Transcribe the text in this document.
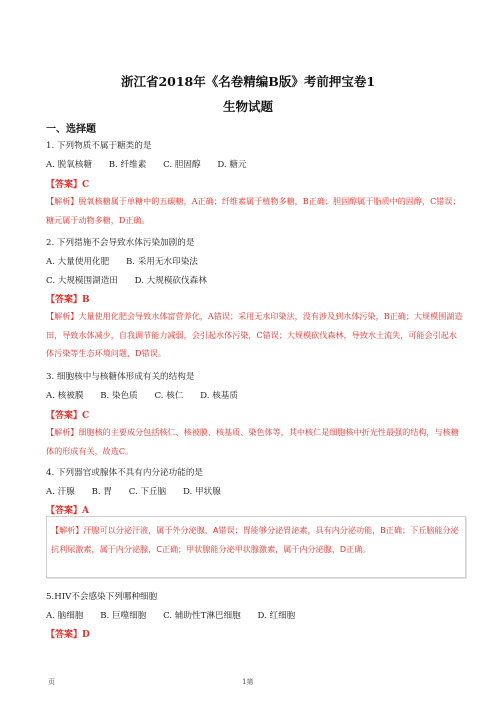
浙江省2018年《名卷精编B版》考前押宝卷1
生物试题
一、选择题
1. 下列物质不属于糖类的是
A. 脱氧核糖 B. 纤维素 C. 胆固醇 D. 糖元
【答案】C
【解析】脱氧核糖属于单糖中的五碳糖，A正确；纤维素属于植物多糖，B正确；胆固醇属于脂质中的固醇，C错误；糖元属于动物多糖，D正确。
2. 下列措施不会导致水体污染加剧的是
A. 大量使用化肥 B. 采用无水印染法
C. 大规模围湖造田 D. 大规模砍伐森林
【答案】B
【解析】大量使用化肥会导致水体富营养化，A错误；采用无水印染法，没有涉及到水体污染，B正确；大规模围湖造田，导致水体减少，自我调节能力减弱，会引起水体污染，C错误；大规模砍伐森林，导致水土流失，可能会引起水体污染等生态环境问题，D错误。
3. 细胞核中与核糖体形成有关的结构是
A. 核被膜 B. 染色质 C. 核仁 D. 核基质
【答案】C
【解析】细胞核的主要成分包括核仁、核被膜、核基质、染色体等，其中核仁是细胞核中折光性最强的结构，与核糖体的形成有关，故选C。
4. 下列器官或腺体不具有内分泌功能的是
A. 汗腺 B. 胃 C. 下丘脑 D. 甲状腺
【答案】A
【解析】汗腺可以分泌汗液，属于外分泌腺，A错误；胃能够分泌胃泌素，具有内分泌功能，B正确；下丘脑能分泌抗利尿激素，属于内分泌腺，C正确；甲状腺能分泌甲状腺激素，属于内分泌腺，D正确。
5.HIV不会感染下列哪种细胞
A. 脑细胞 B. 巨噬细胞 C. 辅助性T淋巴细胞 D. 红细胞
【答案】D
页	1第
